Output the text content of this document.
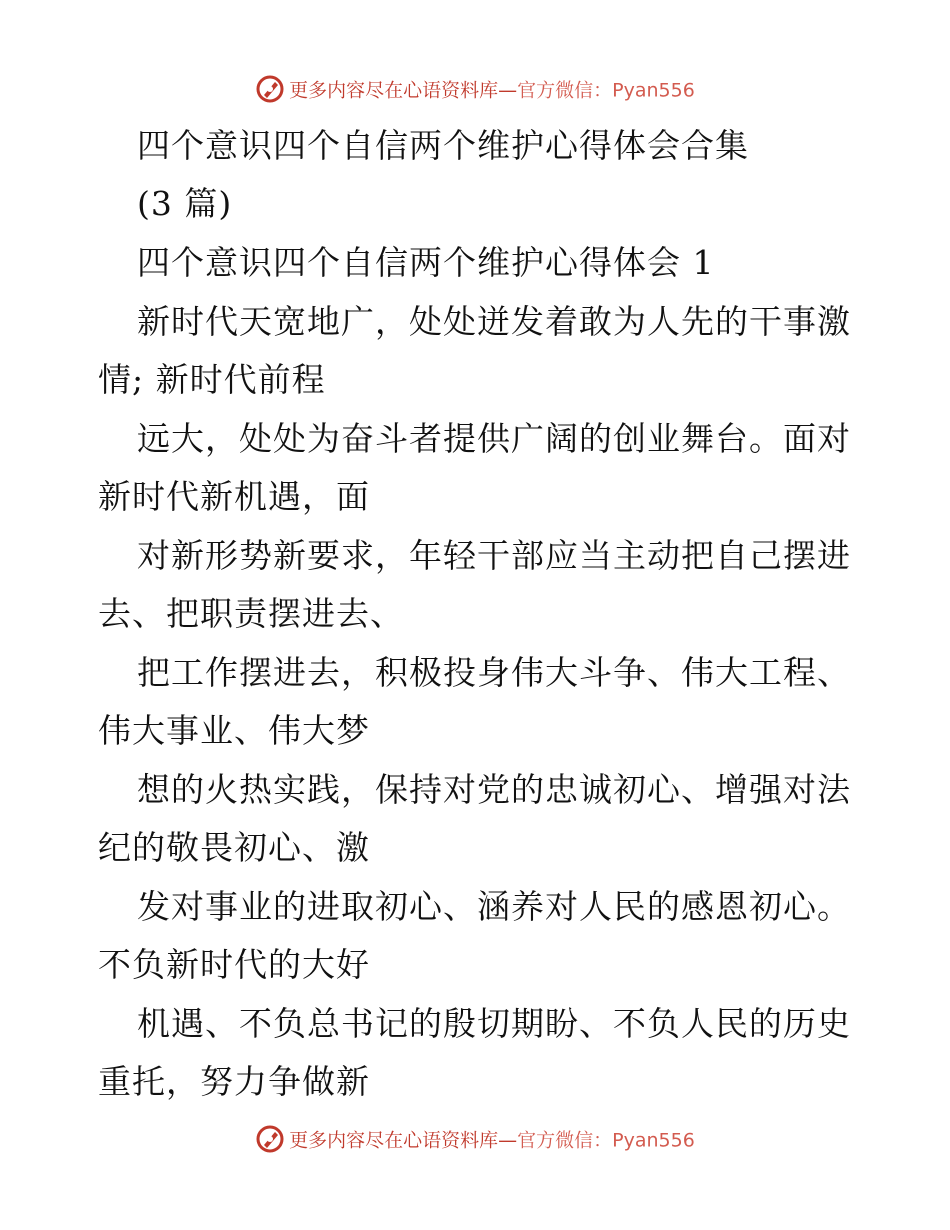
更多内容尽在心语资料库—官方微信：Pyan556
四个意识四个自信两个维护心得体会合集
(3 篇)
四个意识四个自信两个维护心得体会 1
新时代天宽地广，处处迸发着敢为人先的干事激
情; 新时代前程
远大，处处为奋斗者提供广阔的创业舞台。面对
新时代新机遇，面
对新形势新要求，年轻干部应当主动把自己摆进
去、把职责摆进去、
把工作摆进去，积极投身伟大斗争、伟大工程、
伟大事业、伟大梦
想的火热实践，保持对党的忠诚初心、增强对法
纪的敬畏初心、激
发对事业的进取初心、涵养对人民的感恩初心。
不负新时代的大好
机遇、不负总书记的殷切期盼、不负人民的历史
重托，努力争做新
更多内容尽在心语资料库—官方微信：Pyan556
